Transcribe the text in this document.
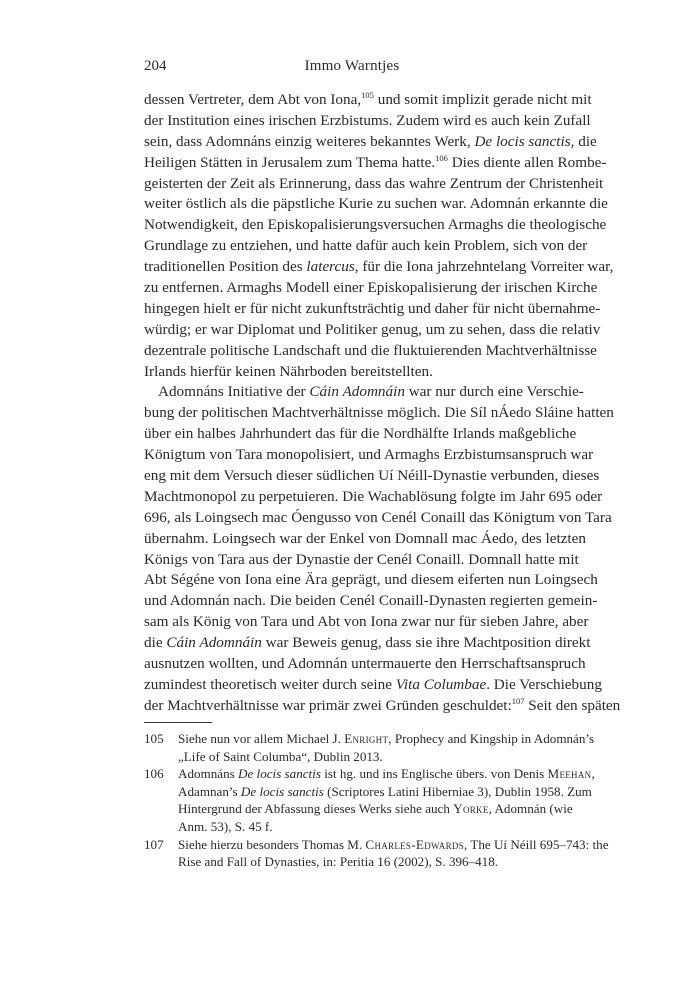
204	Immo Warntjes
dessen Vertreter, dem Abt von Iona,$^{105}$ und somit implizit gerade nicht mit
der Institution eines irischen Erzbistums. Zudem wird es auch kein Zufall
sein, dass Adomnáns einzig weiteres bekanntes Werk, De locis sanctis, die
Heiligen Stätten in Jerusalem zum Thema hatte.$^{106}$ Dies diente allen Rombe-
geisterten der Zeit als Erinnerung, dass das wahre Zentrum der Christenheit
weiter östlich als die päpstliche Kurie zu suchen war. Adomnán erkannte die
Notwendigkeit, den Episkopalisierungsversuchen Armaghs die theologische
Grundlage zu entziehen, und hatte dafür auch kein Problem, sich von der
traditionellen Position des latercus, für die Iona jahrzehntelang Vorreiter war,
zu entfernen. Armaghs Modell einer Episkopalisierung der irischen Kirche
hingegen hielt er für nicht zukunftsträchtig und daher für nicht übernahme-
würdig; er war Diplomat und Politiker genug, um zu sehen, dass die relativ
dezentrale politische Landschaft und die fluktuierenden Machtverhältnisse
Irlands hierfür keinen Nährboden bereitstellten.
Adomnáns Initiative der Cáin Adomnáin war nur durch eine Verschie-
bung der politischen Machtverhältnisse möglich. Die Síl nÁedo Sláine hatten
über ein halbes Jahrhundert das für die Nordhälfte Irlands maßgebliche
Königtum von Tara monopolisiert, und Armaghs Erzbistumsanspruch war
eng mit dem Versuch dieser südlichen Uí Néill-Dynastie verbunden, dieses
Machtmonopol zu perpetuieren. Die Wachablösung folgte im Jahr 695 oder
696, als Loingsech mac Óengusso von Cenél Conaill das Königtum von Tara
übernahm. Loingsech war der Enkel von Domnall mac Áedo, des letzten
Königs von Tara aus der Dynastie der Cenél Conaill. Domnall hatte mit
Abt Ségéne von Iona eine Ära geprägt, und diesem eiferten nun Loingsech
und Adomnán nach. Die beiden Cenél Conaill-Dynasten regierten gemein-
sam als König von Tara und Abt von Iona zwar nur für sieben Jahre, aber
die Cáin Adomnáin war Beweis genug, dass sie ihre Machtposition direkt
ausnutzen wollten, und Adomnán untermauerte den Herrschaftsanspruch
zumindest theoretisch weiter durch seine Vita Columbae. Die Verschiebung
der Machtverhältnisse war primär zwei Gründen geschuldet:$^{107}$ Seit den späten
105 Siehe nun vor allem Michael J. Enright, Prophecy and Kingship in Adomnán’s
„Life of Saint Columba“, Dublin 2013.
106 Adomnáns De locis sanctis ist hg. und ins Englische übers. von Denis Meehan,
Adamnan’s De locis sanctis (Scriptores Latini Hiberniae 3), Dublin 1958. Zum
Hintergrund der Abfassung dieses Werks siehe auch Yorke, Adomnán (wie
Anm. 53), S. 45 f.
107 Siehe hierzu besonders Thomas M. Charles-Edwards, The Uí Néill 695–743: the
Rise and Fall of Dynasties, in: Peritia 16 (2002), S. 396–418.
